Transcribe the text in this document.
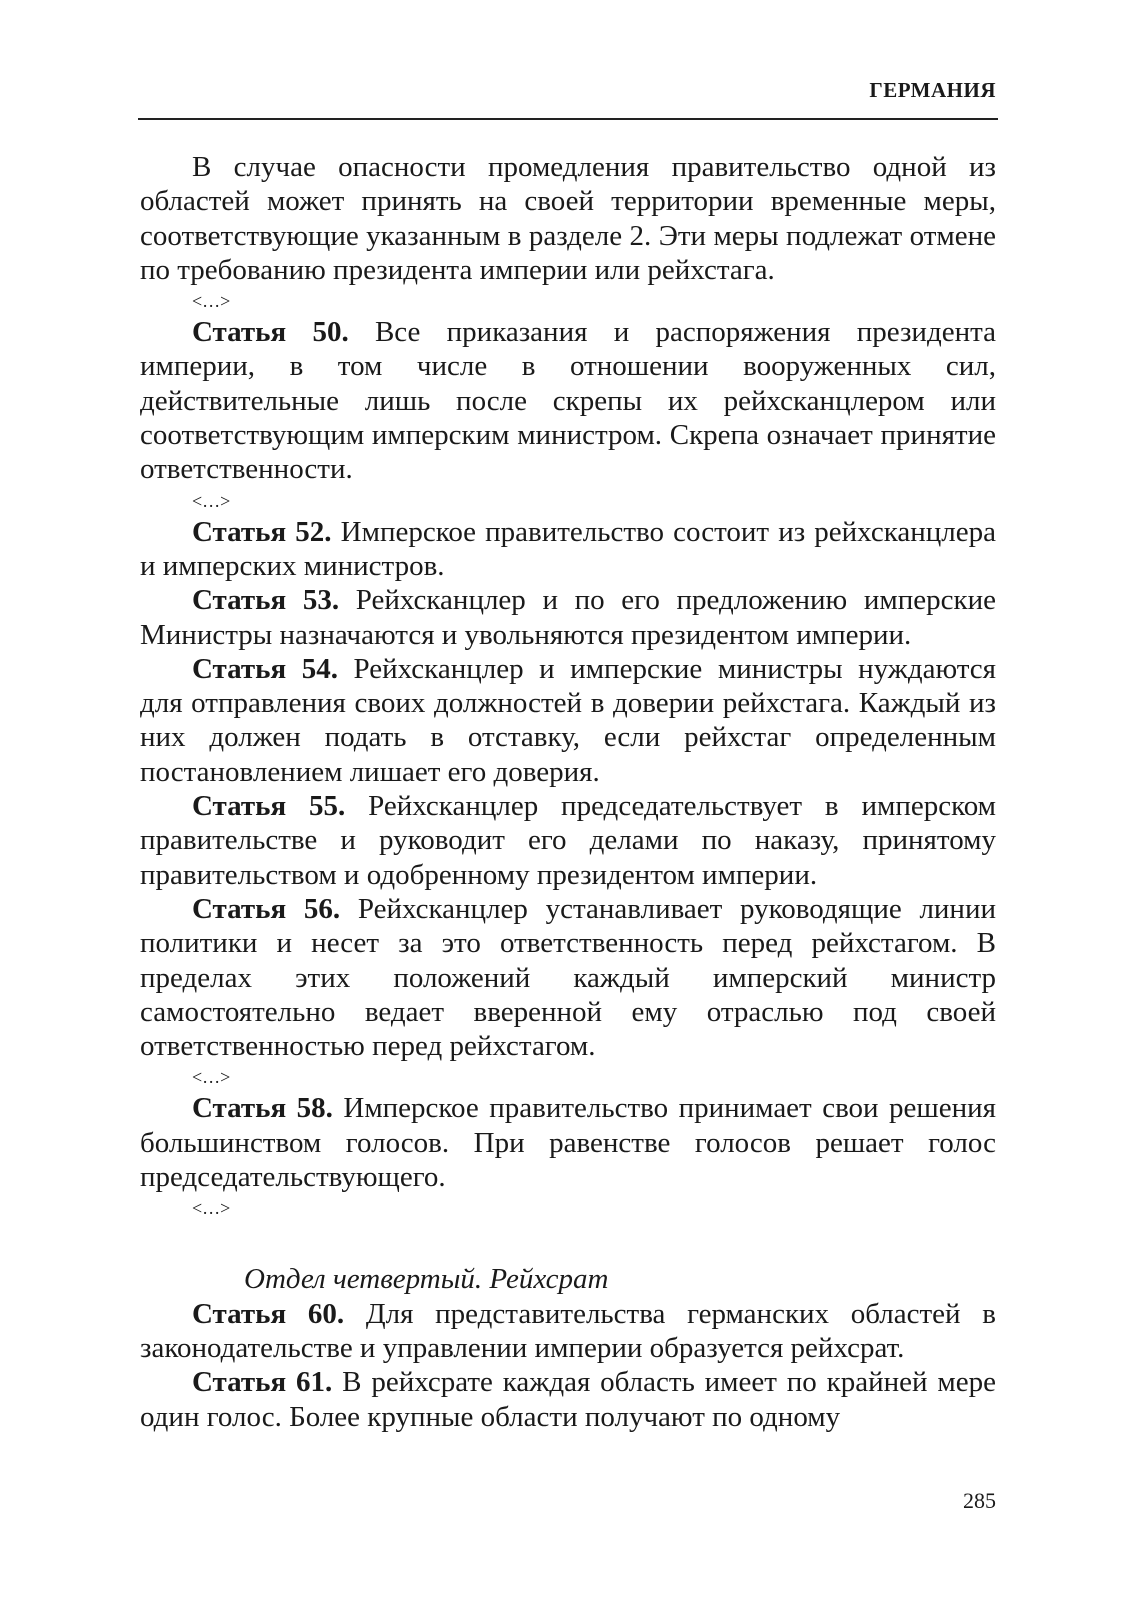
ГЕРМАНИЯ

В случае опасности промедления правительство одной из областей может принять на своей территории временные меры, соответствующие указанным в разделе 2. Эти меры подлежат отмене по требованию президента империи или рейхстага.

<…>

Статья 50. Все приказания и распоряжения президента империи, в том числе в отношении вооруженных сил, действительные лишь после скрепы их рейхсканцлером или соответствующим имперским министром. Скрепа означает принятие ответственности.

<…>

Статья 52. Имперское правительство состоит из рейхсканцлера и имперских министров.

Статья 53. Рейхсканцлер и по его предложению имперские Министры назначаются и увольняются президентом империи.

Статья 54. Рейхсканцлер и имперские министры нуждаются для отправления своих должностей в доверии рейхстага. Каждый из них должен подать в отставку, если рейхстаг определенным постановлением лишает его доверия.

Статья 55. Рейхсканцлер председательствует в имперском правительстве и руководит его делами по наказу, принятому правительством и одобренному президентом империи.

Статья 56. Рейхсканцлер устанавливает руководящие линии политики и несет за это ответственность перед рейхстагом. В пределах этих положений каждый имперский министр самостоятельно ведает вверенной ему отраслью под своей ответственностью перед рейхстагом.

<…>

Статья 58. Имперское правительство принимает свои решения большинством голосов. При равенстве голосов решает голос председательствующего.

<…>

Отдел четвертый. Рейхсрат

Статья 60. Для представительства германских областей в законодательстве и управлении империи образуется рейхсрат.

Статья 61. В рейхсрате каждая область имеет по крайней мере один голос. Более крупные области получают по одному

285
